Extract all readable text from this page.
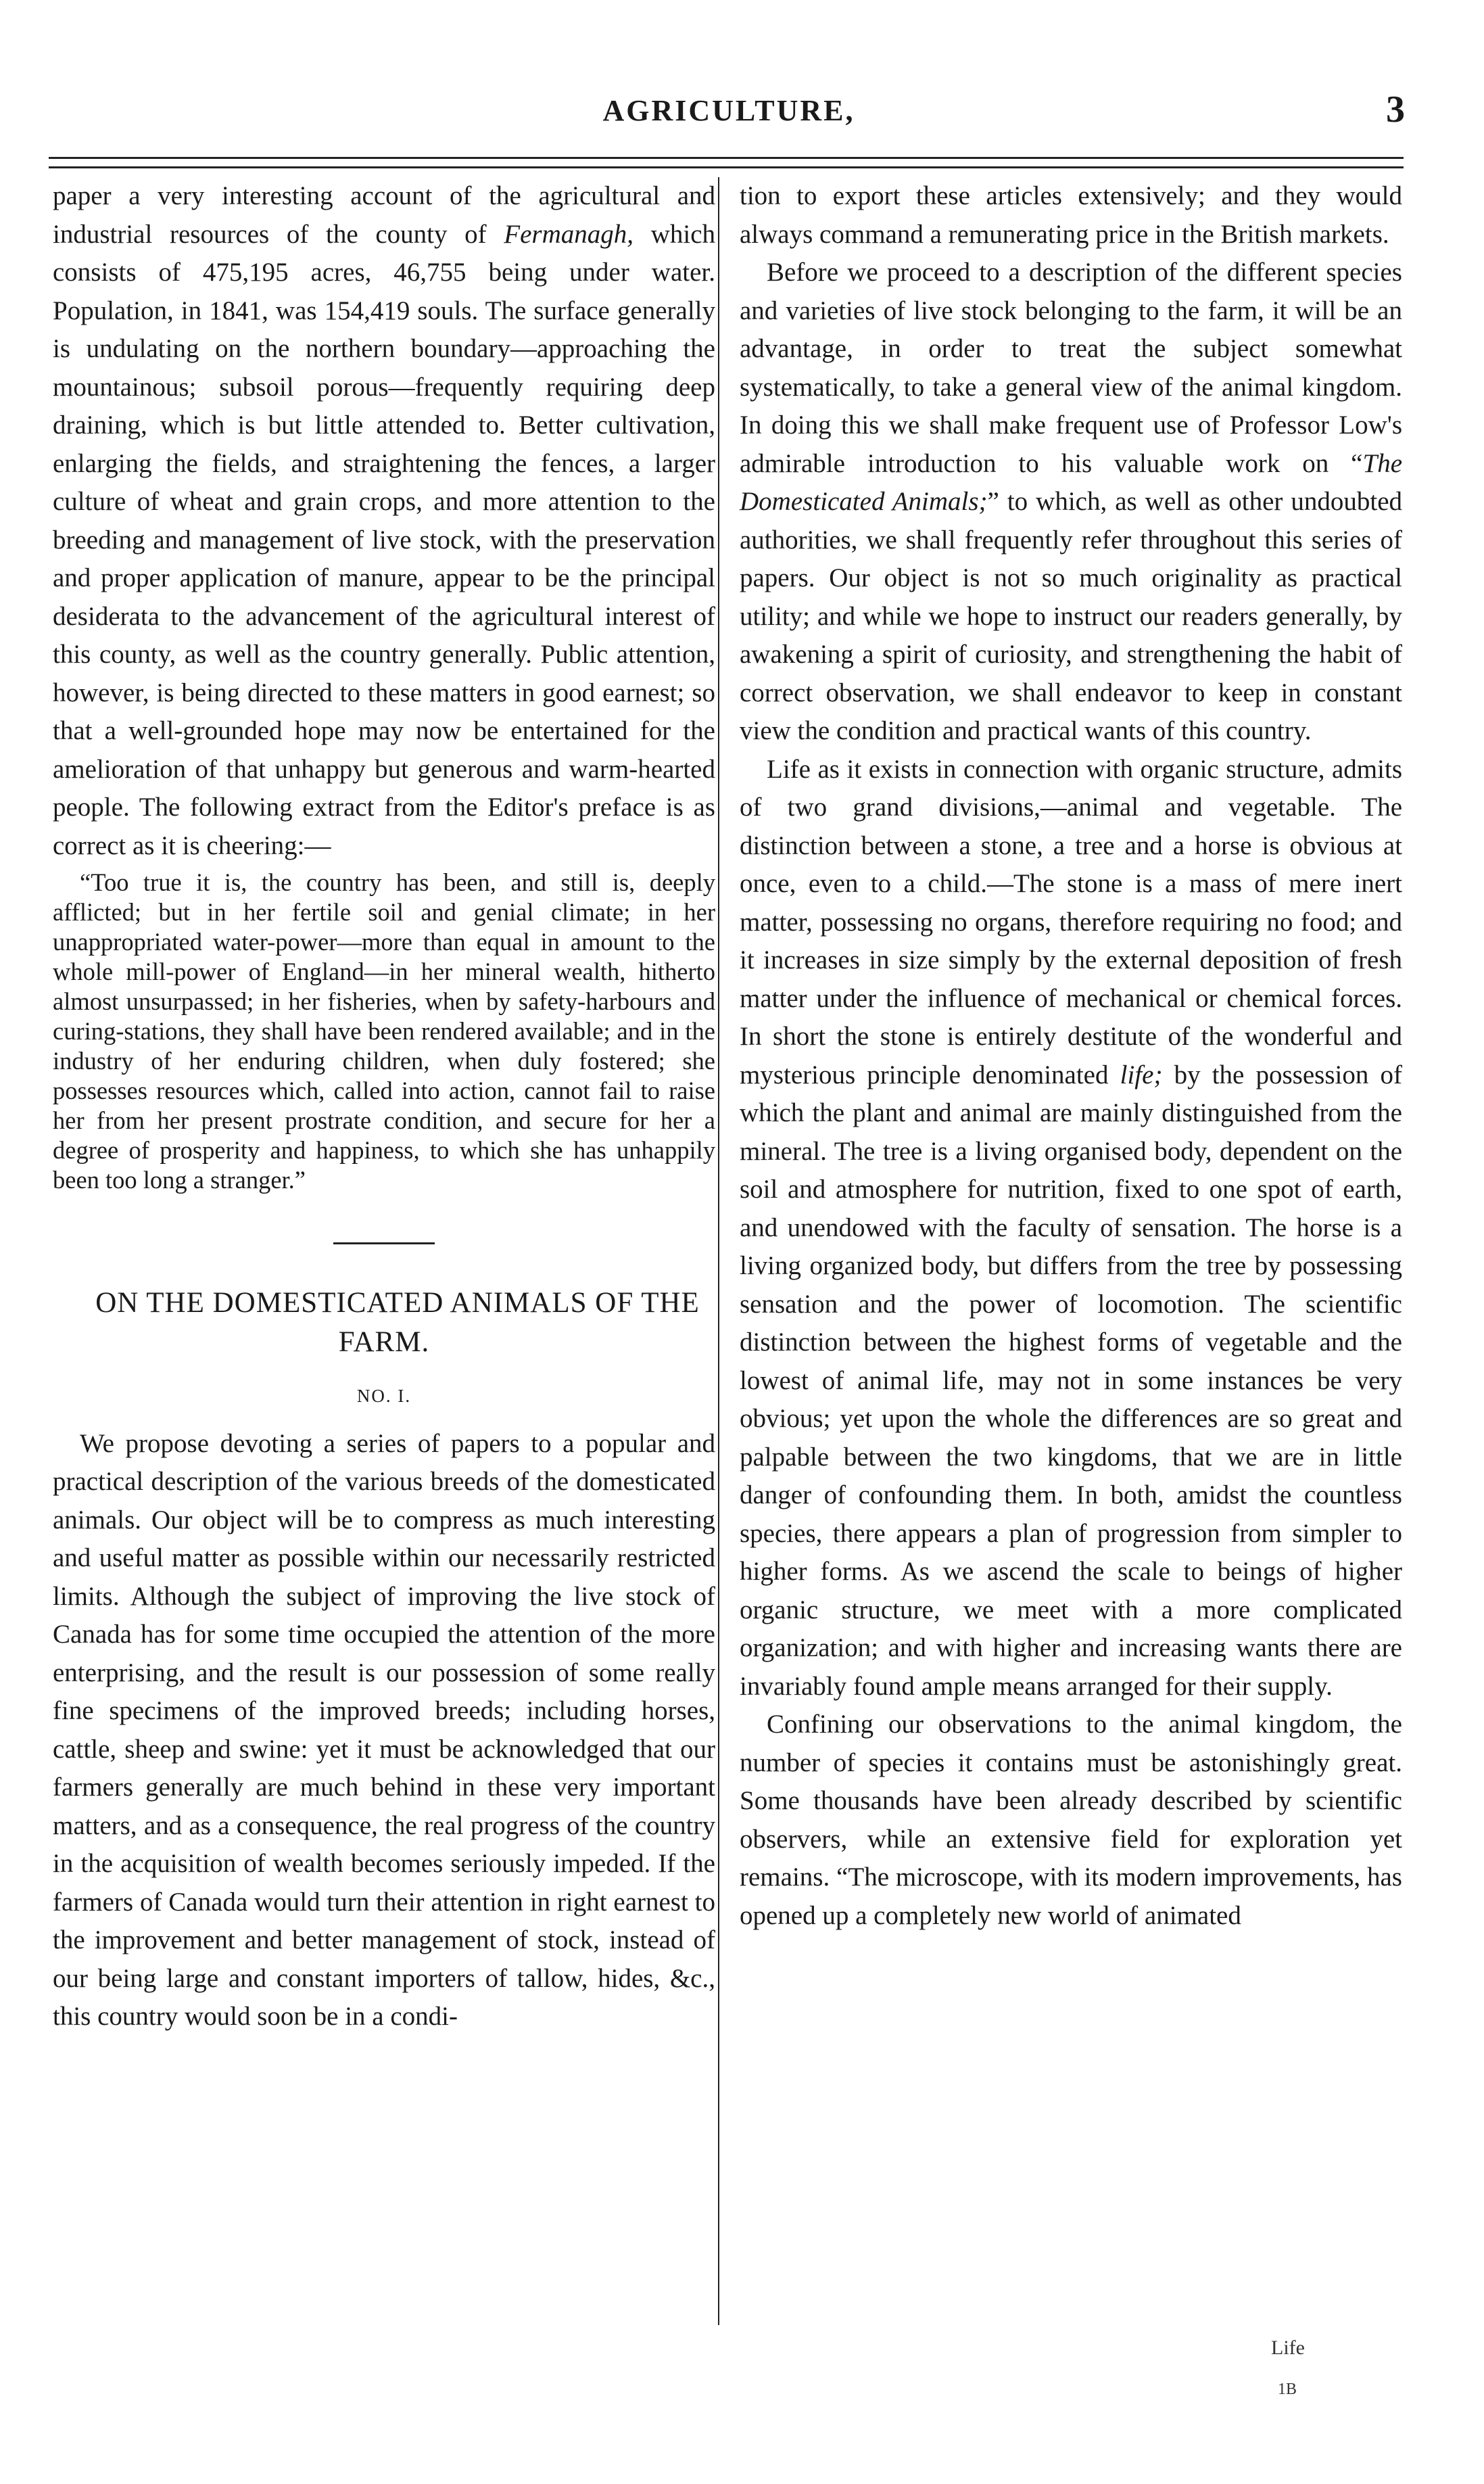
AGRICULTURE,	3

paper a very interesting account of the agricultural and industrial resources of the county of Fermanagh, which consists of 475,195 acres, 46,755 being under water. Population, in 1841, was 154,419 souls. The surface generally is undulating on the northern boundary—approaching the mountainous; subsoil porous—frequently requiring deep draining, which is but little attended to. Better cultivation, enlarging the fields, and straightening the fences, a larger culture of wheat and grain crops, and more attention to the breeding and management of live stock, with the preservation and proper application of manure, appear to be the principal desiderata to the advancement of the agricultural interest of this county, as well as the country generally. Public attention, however, is being directed to these matters in good earnest; so that a well-grounded hope may now be entertained for the amelioration of that unhappy but generous and warm-hearted people. The following extract from the Editor's preface is as correct as it is cheering:—

“Too true it is, the country has been, and still is, deeply afflicted; but in her fertile soil and genial climate; in her unappropriated water-power—more than equal in amount to the whole mill-power of England—in her mineral wealth, hitherto almost unsurpassed; in her fisheries, when by safety-harbours and curing-stations, they shall have been rendered available; and in the industry of her enduring children, when duly fostered; she possesses resources which, called into action, cannot fail to raise her from her present prostrate condition, and secure for her a degree of prosperity and happiness, to which she has unhappily been too long a stranger.”

ON THE DOMESTICATED ANIMALS OF THE FARM.

NO. I.

We propose devoting a series of papers to a popular and practical description of the various breeds of the domesticated animals. Our object will be to compress as much interesting and useful matter as possible within our necessarily restricted limits. Although the subject of improving the live stock of Canada has for some time occupied the attention of the more enterprising, and the result is our possession of some really fine specimens of the improved breeds; including horses, cattle, sheep and swine: yet it must be acknowledged that our farmers generally are much behind in these very important matters, and as a consequence, the real progress of the country in the acquisition of wealth becomes seriously impeded. If the farmers of Canada would turn their attention in right earnest to the improvement and better management of stock, instead of our being large and constant importers of tallow, hides, &c., this country would soon be in a condi-

tion to export these articles extensively; and they would always command a remunerating price in the British markets.

Before we proceed to a description of the different species and varieties of live stock belonging to the farm, it will be an advantage, in order to treat the subject somewhat systematically, to take a general view of the animal kingdom. In doing this we shall make frequent use of Professor Low's admirable introduction to his valuable work on “The Domesticated Animals;” to which, as well as other undoubted authorities, we shall frequently refer throughout this series of papers. Our object is not so much originality as practical utility; and while we hope to instruct our readers generally, by awakening a spirit of curiosity, and strengthening the habit of correct observation, we shall endeavor to keep in constant view the condition and practical wants of this country.

Life as it exists in connection with organic structure, admits of two grand divisions,—animal and vegetable. The distinction between a stone, a tree and a horse is obvious at once, even to a child.—The stone is a mass of mere inert matter, possessing no organs, therefore requiring no food; and it increases in size simply by the external deposition of fresh matter under the influence of mechanical or chemical forces. In short the stone is entirely destitute of the wonderful and mysterious principle denominated life; by the possession of which the plant and animal are mainly distinguished from the mineral. The tree is a living organised body, dependent on the soil and atmosphere for nutrition, fixed to one spot of earth, and unendowed with the faculty of sensation. The horse is a living organized body, but differs from the tree by possessing sensation and the power of locomotion. The scientific distinction between the highest forms of vegetable and the lowest of animal life, may not in some instances be very obvious; yet upon the whole the differences are so great and palpable between the two kingdoms, that we are in little danger of confounding them. In both, amidst the countless species, there appears a plan of progression from simpler to higher forms. As we ascend the scale to beings of higher organic structure, we meet with a more complicated organization; and with higher and increasing wants there are invariably found ample means arranged for their supply.

Confining our observations to the animal kingdom, the number of species it contains must be astonishingly great. Some thousands have been already described by scientific observers, while an extensive field for exploration yet remains. “The microscope, with its modern improvements, has opened up a completely new world of animated

Life
1B
